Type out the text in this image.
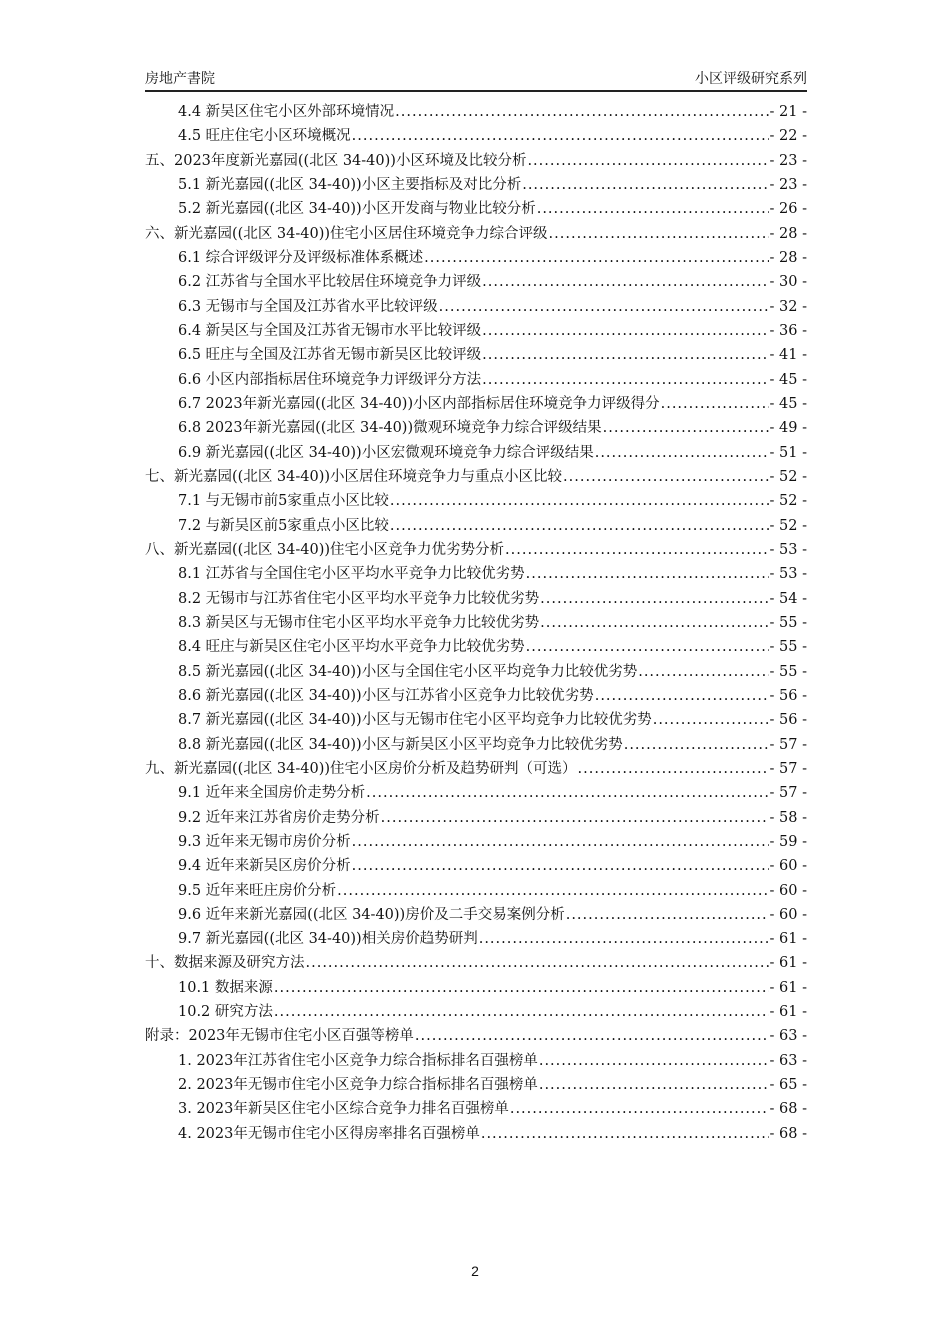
房地产書院	小区评级研究系列
4.4 新吴区住宅小区外部环境情况 .....	- 21 -
4.5 旺庄住宅小区环境概况 .....	- 22 -
五、2023年度新光嘉园((北区 34-40))小区环境及比较分析 .....	- 23 -
5.1 新光嘉园((北区 34-40))小区主要指标及对比分析 .....	- 23 -
5.2 新光嘉园((北区 34-40))小区开发商与物业比较分析 .....	- 26 -
六、新光嘉园((北区 34-40))住宅小区居住环境竞争力综合评级 .....	- 28 -
6.1 综合评级评分及评级标准体系概述 .....	- 28 -
6.2 江苏省与全国水平比较居住环境竞争力评级 .....	- 30 -
6.3 无锡市与全国及江苏省水平比较评级 .....	- 32 -
6.4 新吴区与全国及江苏省无锡市水平比较评级 .....	- 36 -
6.5 旺庄与全国及江苏省无锡市新吴区比较评级 .....	- 41 -
6.6 小区内部指标居住环境竞争力评级评分方法 .....	- 45 -
6.7 2023年新光嘉园((北区 34-40))小区内部指标居住环境竞争力评级得分 .....	- 45 -
6.8 2023年新光嘉园((北区 34-40))微观环境竞争力综合评级结果 .....	- 49 -
6.9 新光嘉园((北区 34-40))小区宏微观环境竞争力综合评级结果 .....	- 51 -
七、新光嘉园((北区 34-40))小区居住环境竞争力与重点小区比较 .....	- 52 -
7.1 与无锡市前5家重点小区比较 .....	- 52 -
7.2 与新吴区前5家重点小区比较 .....	- 52 -
八、新光嘉园((北区 34-40))住宅小区竞争力优劣势分析 .....	- 53 -
8.1 江苏省与全国住宅小区平均水平竞争力比较优劣势 .....	- 53 -
8.2 无锡市与江苏省住宅小区平均水平竞争力比较优劣势 .....	- 54 -
8.3 新吴区与无锡市住宅小区平均水平竞争力比较优劣势 .....	- 55 -
8.4 旺庄与新吴区住宅小区平均水平竞争力比较优劣势 .....	- 55 -
8.5 新光嘉园((北区 34-40))小区与全国住宅小区平均竞争力比较优劣势 .....	- 55 -
8.6 新光嘉园((北区 34-40))小区与江苏省小区竞争力比较优劣势 .....	- 56 -
8.7 新光嘉园((北区 34-40))小区与无锡市住宅小区平均竞争力比较优劣势 .....	- 56 -
8.8 新光嘉园((北区 34-40))小区与新吴区小区平均竞争力比较优劣势 .....	- 57 -
九、新光嘉园((北区 34-40))住宅小区房价分析及趋势研判（可选） .....	- 57 -
9.1 近年来全国房价走势分析 .....	- 57 -
9.2 近年来江苏省房价走势分析 .....	- 58 -
9.3 近年来无锡市房价分析 .....	- 59 -
9.4 近年来新吴区房价分析 .....	- 60 -
9.5 近年来旺庄房价分析 .....	- 60 -
9.6 近年来新光嘉园((北区 34-40))房价及二手交易案例分析 .....	- 60 -
9.7 新光嘉园((北区 34-40))相关房价趋势研判 .....	- 61 -
十、数据来源及研究方法 .....	- 61 -
10.1 数据来源 .....	- 61 -
10.2 研究方法 .....	- 61 -
附录：2023年无锡市住宅小区百强等榜单 .....	- 63 -
1. 2023年江苏省住宅小区竞争力综合指标排名百强榜单 .....	- 63 -
2. 2023年无锡市住宅小区竞争力综合指标排名百强榜单 .....	- 65 -
3. 2023年新吴区住宅小区综合竞争力排名百强榜单 .....	- 68 -
4. 2023年无锡市住宅小区得房率排名百强榜单 .....	- 68 -
2
